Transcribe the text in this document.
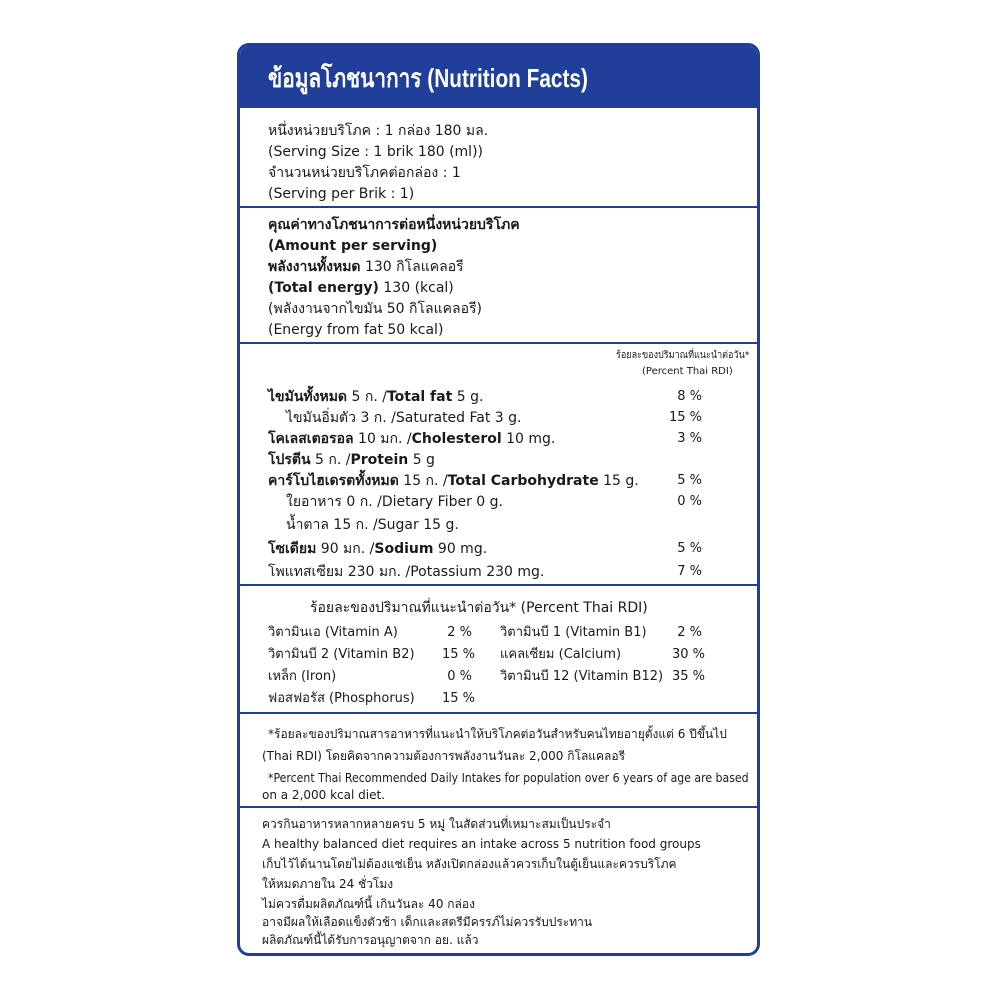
ข้อมูลโภชนาการ (Nutrition Facts)
หนึ่งหน่วยบริโภค : 1 กล่อง 180 มล.
(Serving Size : 1 brik 180 (ml))
จำนวนหน่วยบริโภคต่อกล่อง : 1
(Serving per Brik : 1)
คุณค่าทางโภชนาการต่อหนึ่งหน่วยบริโภค
(Amount per serving)
พลังงานทั้งหมด 130 กิโลแคลอรี
(Total energy) 130 (kcal)
(พลังงานจากไขมัน 50 กิโลแคลอรี)
(Energy from fat 50 kcal)
ร้อยละของปริมาณที่แนะนำต่อวัน*
(Percent Thai RDI)
ไขมันทั้งหมด 5 ก. /Total fat 5 g.	8 %
ไขมันอิ่มตัว 3 ก. /Saturated Fat 3 g.	15 %
โคเลสเตอรอล 10 มก. /Cholesterol 10 mg.	3 %
โปรตีน 5 ก. /Protein 5 g
คาร์โบไฮเดรตทั้งหมด 15 ก. /Total Carbohydrate 15 g.	5 %
ใยอาหาร 0 ก. /Dietary Fiber 0 g.	0 %
น้ำตาล 15 ก. /Sugar 15 g.
โซเดียม 90 มก. /Sodium 90 mg.	5 %
โพแทสเซียม 230 มก. /Potassium 230 mg.	7 %
ร้อยละของปริมาณที่แนะนำต่อวัน* (Percent Thai RDI)
วิตามินเอ (Vitamin A)	2 % วิตามินบี 1 (Vitamin B1)	2 %
วิตามินบี 2 (Vitamin B2) 15 % แคลเซียม (Calcium)	30 %
เหล็ก (Iron)	0 % วิตามินบี 12 (Vitamin B12) 35 %
ฟอสฟอรัส (Phosphorus) 15 %
*ร้อยละของปริมาณสารอาหารที่แนะนำให้บริโภคต่อวันสำหรับคนไทยอายุตั้งแต่ 6 ปีขึ้นไป
(Thai RDI) โดยคิดจากความต้องการพลังงานวันละ 2,000 กิโลแคลอรี
*Percent Thai Recommended Daily Intakes for population over 6 years of age are based
on a 2,000 kcal diet.
ควรกินอาหารหลากหลายครบ 5 หมู่ ในสัดส่วนที่เหมาะสมเป็นประจำ
A healthy balanced diet requires an intake across 5 nutrition food groups
เก็บไว้ได้นานโดยไม่ต้องแช่เย็น หลังเปิดกล่องแล้วควรเก็บในตู้เย็นและควรบริโภค
ให้หมดภายใน 24 ชั่วโมง
ไม่ควรดื่มผลิตภัณฑ์นี้ เกินวันละ 40 กล่อง
อาจมีผลให้เลือดแข็งตัวช้า เด็กและสตรีมีครรภ์ไม่ควรรับประทาน
ผลิตภัณฑ์นี้ได้รับการอนุญาตจาก อย. แล้ว
